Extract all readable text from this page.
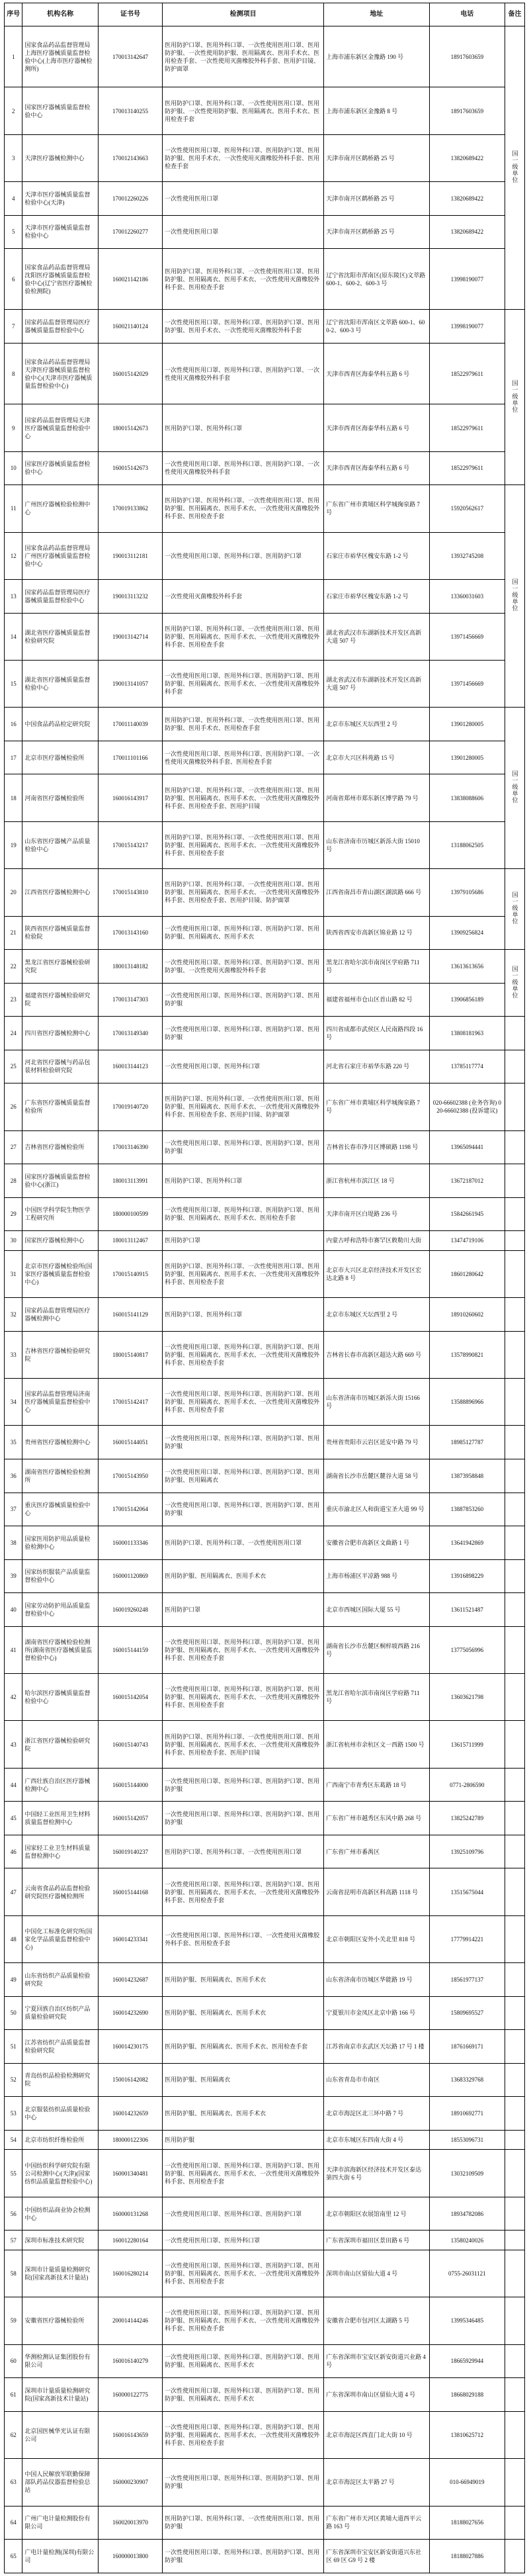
序号	机构名称	证书号	检测项目	地址	电话	备注
1	国家食品药品监督管理局上海医疗器械质量监督检验中心(上海市医疗器械检测所)	170013142647	医用防护口罩、医用外科口罩、一次性使用医用口罩、医用防护服、一次性使用防护服、医用隔离衣、医用手术衣、医用检查手套、一次性使用灭菌橡胶外科手套、医用护目镜、防护面罩	上海市浦东新区金豫路 190 号	18917603659	国一级单位
2	国家医疗器械质量监督检验中心	170013140255	医用防护口罩、医用外科口罩、一次性使用医用口罩、医用防护服、一次性使用防护服、医用隔离衣、医用手术衣、医用检查手套	上海市浦东新区金豫路 8 号	18917603659	
3	天津医疗器械检测中心	170012143663	一次性使用医用口罩、医用外科口罩、医用防护口罩、医用防护服、医用手术衣、一次性使用灭菌橡胶外科手套、医用检查手套	天津市南开区鹤桥路 25 号	13820689422	
4	天津市医疗器械质量监督检验中心(天津)	170012260226	一次性使用医用口罩	天津市南开区鹤桥路 25 号	13820689422	
5	天津市医疗器械质量监督检验中心	170012260277	一次性使用医用口罩	天津市南开区鹤桥路 25 号	13820689422	
6	国家食品药品监督管理局沈阳医疗器械质量监督检验中心(辽宁省医疗器械检验检测院)	160021142186	医用防护口罩、医用外科口罩、一次性使用医用口罩、医用防护服、医用隔离衣、医用手术衣、一次性使用灭菌橡胶外科手套、医用检查手套	辽宁省沈阳市浑南区(原东陵区)文萃路 600-1、600-2、600-3 号	13998190077	
7	国家药品监督管理局医疗器械质量监督检验中心	160021140124	一次性使用医用口罩、医用外科口罩、医用防护口罩、医用防护服、医用手术衣、一次性使用灭菌橡胶外科手套	辽宁省沈阳市浑南区文萃路 600-1、600-2、600-3 号	13998190077	国一级单位
8	国家食品药品监督管理局天津医疗器械质量监督检验中心(天津市医疗器械质量监督检验中心)	160015142029	一次性使用医用口罩、医用外科口罩、医用防护口罩、一次性使用灭菌橡胶外科手套	天津市西青区海泰华科五路 6 号	18522979611	
9	国家药品监督管理局天津医疗器械质量监督检验中心	180015142673	医用防护口罩、医用外科口罩	天津市西青区海泰华科五路 6 号	18522979611	
10	国家医疗器械质量监督检验中心	160015142673	一次性使用医用口罩、医用外科口罩、医用防护口罩、一次性使用灭菌橡胶外科手套	天津市西青区海泰华科五路 6 号	18522979611	
11	广州医疗器械检验检测中心	170019133862	医用防护口罩、医用外科口罩、一次性使用医用口罩、医用防护服、医用隔离衣、医用手术衣、一次性使用灭菌橡胶外科手套、医用检查手套	广东省广州市黄埔区科学城掬泉路 7 号	15920562617	国一级单位
12	国家食品药品监督管理局广州医疗器械质量监督检验中心	190013112181	一次性使用医用口罩、医用外科口罩、医用防护口罩	石家庄市裕华区槐安东路 1-2 号	13932745208	
13	国家药品监督管理局医疗器械质量监督检验中心	190013113232	一次性使用灭菌橡胶外科手套	石家庄市裕华区槐安东路 1-2 号	13360031603	
14	湖北省医疗器械质量监督检验研究院	190013142714	医用防护口罩、医用外科口罩、一次性使用医用口罩、医用防护服、医用隔离衣、医用手术衣、一次性使用灭菌橡胶外科手套、医用检查手套	湖北省武汉市东湖新技术开发区高新大道 507 号	13971456669	
15	湖北省医疗器械质量监督检验中心	190013141057	一次性使用医用口罩、医用外科口罩、医用防护口罩、医用防护服、医用隔离衣、医用手术衣、一次性使用灭菌橡胶外科手套	湖北省武汉市东湖新技术开发区高新大道 507 号	13971456669	
16	中国食品药品检定研究院	170011140039	医用防护口罩、医用外科口罩、一次性使用医用口罩、医用防护服、医用手术衣、医用检查手套	北京市东城区天坛西里 2 号	13901280005	国一级单位
17	北京市医疗器械检验所	170011101166	一次性使用医用口罩、医用外科口罩、医用防护口罩、一次性使用灭菌橡胶外科手套、医用检查手套	北京市大兴区科苑路 15 号	13901280005	
18	河南省医疗器械检验所	160016143917	医用防护口罩、医用外科口罩、一次性使用医用口罩、医用防护服、医用隔离衣、医用手术衣、一次性使用灭菌橡胶外科手套、医用检查手套、医用护目镜	河南省郑州市郑东新区博学路 79 号	13838088606	
19	山东省医疗器械产品质量检验中心	170015143217	医用防护口罩、医用外科口罩、一次性使用医用口罩、医用防护服、医用隔离衣、医用手术衣、一次性使用灭菌橡胶外科手套、医用检查手套	山东省济南市历城区新泺大街 15010 号	13188062505	
20	江西省医疗器械检测中心	170015143810	医用防护口罩、医用外科口罩、一次性使用医用口罩、医用防护服、医用隔离衣、医用手术衣、一次性使用灭菌橡胶外科手套、医用检查手套、医用护目镜、防护面罩	江西省南昌市青山湖区湖滨路 666 号	13979105686	国一级单位
21	陕西省医疗器械质量监督检验院	170013143160	一次性使用医用口罩、医用外科口罩、医用防护口罩、医用防护服、医用隔离衣、医用手术衣	陕西省西安市高新区锦业路 12 号	13909256824	
22	黑龙江省医疗器械检验研究院	180013148182	一次性使用医用口罩、医用外科口罩、医用防护口罩、医用防护服、一次性使用灭菌橡胶外科手套	黑龙江省哈尔滨市南岗区学府路 711 号	13613613656	国一级单位
23	福建省医疗器械检验研究院	170013147303	一次性使用医用口罩、医用外科口罩、医用防护口罩、医用防护服	福建省福州市仓山区首山路 82 号	13906856189	
24	四川省医疗器械检测中心	170013149340	一次性使用医用口罩、医用外科口罩、医用防护口罩、医用防护服	四川省成都市武侯区人民南路四段 16 号	13808181963	
25	河北省医疗器械与药品包装材料检验研究院	160013144123	一次性使用医用口罩、医用外科口罩	河北省石家庄市裕华东路 220 号	13785117774	
26	广东省医疗器械质量监督检验所	170019140720	医用防护口罩、医用外科口罩、一次性使用医用口罩、医用防护服、医用隔离衣、医用手术衣、一次性使用灭菌橡胶外科手套、医用检查手套、医用护目镜、防护面罩	广东省广州市黄埔区科学城掬泉路 7 号	020-66602388 (业务咨询) 020-66602388 (投诉建议)	
27	吉林省医疗器械检验所	170013146390	一次性使用医用口罩、医用外科口罩、医用防护口罩、医用防护服	吉林省长春市净月区博硕路 1198 号	13965094441	
28	国家医疗器械质量监督检验中心(浙江)	180013113991	医用防护口罩、医用外科口罩	浙江省杭州市滨江区 18 号	13672187012	
29	中国医学科学院生物医学工程研究所	180000100599	一次性使用医用口罩、医用外科口罩、医用防护口罩、医用防护服、医用隔离衣、医用手术衣、医用检查手套	天津市南开区白堤路 236 号	15842661945	
30	国家医疗器械检测中心	180013112467	医用防护口罩	内蒙古呼和浩特市赛罕区敕勒川大街	13474719106	
31	北京市医疗器械检验所(国家医疗器械质量监督检验中心)	170015140915	医用防护口罩、医用外科口罩、一次性使用医用口罩、医用防护服、医用隔离衣、医用手术衣、一次性使用灭菌橡胶外科手套、医用检查手套	北京市大兴区北京经济技术开发区宏达北路 8 号	18601280642	
32	国家药品监督管理局医疗器械检测中心	160015141129	医用防护口罩、医用外科口罩	北京市东城区天坛西里 2 号	18910260602	
33	吉林省医疗器械检验研究院	180015140817	一次性使用医用口罩、医用外科口罩、医用防护口罩、医用防护服、医用隔离衣、医用手术衣、一次性使用灭菌橡胶外科手套、医用检查手套	吉林省长春市高新区超达大路 669 号	13578990821	
34	国家药品监督管理局济南医疗器械质量监督检验中心	170015142417	一次性使用医用口罩、医用外科口罩、医用防护口罩、医用防护服、医用隔离衣、医用手术衣、一次性使用灭菌橡胶外科手套、医用检查手套	山东省济南市历城区新泺大街 15166 号	13588896966	
35	贵州省医疗器械检测中心	160015144051	一次性使用医用口罩、医用外科口罩、医用防护口罩、医用防护服	贵州省贵阳市云岩区延安中路 79 号	18985127787	
36	湖南省医疗器械检验检测所	170015143950	一次性使用医用口罩、医用外科口罩、医用防护口罩、医用防护服、医用隔离衣	湖南省长沙市岳麓区麓谷大道 58 号	13873958848	
37	重庆医疗器械质量检验中心	170015142064	一次性使用医用口罩、医用外科口罩、医用防护口罩、医用防护服	重庆市渝北区人和街道宝圣大道 99 号	13887853260	
38	国家医用防护用品质量检验检测中心	160001133346	医用防护口罩、医用外科口罩、一次性使用医用口罩	安徽省合肥市高新区文曲路 1 号	13641942869	
39	国家纺织服装产品质量监督检验中心	160001120869	医用防护服、医用隔离衣、医用手术衣	上海市杨浦区平凉路 988 号	13916898229	
40	国家劳动防护用品质量监督检验中心	160019260248	医用防护口罩	北京市西城区国际大厦 55 号	13611521487	
41	湖南省医疗器械检验检测所(湖南省医疗器械质量监督检验中心)	160015144159	一次性使用医用口罩、医用外科口罩、医用防护口罩、医用防护服、医用隔离衣、医用手术衣、一次性使用灭菌橡胶外科手套、医用检查手套	湖南省长沙市岳麓区桐梓坡西路 216 号	13775056996	
42	哈尔滨医疗器械质量监督检验中心	160015142054	一次性使用医用口罩、医用外科口罩、医用防护口罩、医用防护服、医用隔离衣、医用手术衣、一次性使用灭菌橡胶外科手套、医用检查手套	黑龙江省哈尔滨市南岗区学府路 711 号	13603621798	
43	浙江省医疗器械检验研究院	160015140743	医用防护口罩、医用外科口罩、一次性使用医用口罩、医用防护服、医用隔离衣、医用手术衣、一次性使用灭菌橡胶外科手套、医用检查手套、医用护目镜	浙江省杭州市余杭区文一西路 1500 号	13615711999	
44	广西壮族自治区医疗器械检测中心	160015144000	一次性使用医用口罩、医用外科口罩、医用防护口罩、医用防护服	广西南宁市青秀区东葛路 18 号	0771-2806590	
45	中国轻工业医用卫生材料质量监督检测中心	160015142057	一次性使用医用口罩、医用外科口罩、医用防护口罩、医用防护服	广东省广州市越秀区东风中路 268 号	13825242789	
46	国家轻工业卫生材料质量监督检测中心	160019140237	医用防护口罩、医用外科口罩、一次性使用医用口罩	广东省广州市番禺区	13925109796	
47	云南省食品药品监督检验研究院医疗器械检测所	160015144168	一次性使用医用口罩、医用外科口罩、医用防护口罩、医用防护服、医用隔离衣、医用手术衣、一次性使用灭菌橡胶外科手套、医用检查手套	云南省昆明市高新区科高路 1118 号	13515675044	
48	中国化工标准化研究所(国家化学品质量监督检验中心)	160014233341	一次性使用医用口罩、医用外科口罩、一次性使用灭菌橡胶外科手套、医用检查手套	北京市朝阳区安外小关北里 818 号	17779914221	
49	山东省纺织产品质量检验研究院	160014232687	医用防护服、医用隔离衣、医用手术衣	山东省济南市历城区华能路 19 号	18561977137	
50	宁夏回族自治区纺织产品质量检验研究院	160014232690	医用防护服、医用隔离衣、医用手术衣	宁夏银川市金凤区北京中路 166 号	15809695527	
51	江苏省纺织产品质量监督检验研究院	160014230175	医用防护服、医用隔离衣、医用手术衣、医用检查手套	江苏省南京市玄武区天坛路 17 号 1 楼	18761669171	
52	青岛纺织品检验检测研究院	150016142082	医用防护服、医用隔离衣	山东省青岛市市南区	13683329768	
53	北京服装纺织品质量检验中心	160014232659	医用防护服、医用隔离衣、医用手术衣	北京市海淀区北三环中路 7 号	18910692771	
54	北京市纺织纤维检验所	180000122306	医用防护服	北京市东城区东四南大街 4 号	18553096731	
55	中国纺织科学研究院有限公司检测中心(天津)(国家纺织品质量监督检验中心)	160001340481	一次性使用医用口罩、医用外科口罩、医用防护口罩、医用防护服、医用隔离衣、医用手术衣、一次性使用灭菌橡胶外科手套、医用检查手套	天津市滨海新区经济技术开发区泰达第四大街 6 号	13032109509	
56	中国纺织品商业协会检测中心	160000131268	一次性使用医用口罩、医用外科口罩、医用防护口罩	北京市朝阳区农展馆南里 12 号	18934782086	
57	深圳市标准技术研究院	160012280164	一次性使用医用口罩、医用外科口罩	广东省深圳市福田区景田路 6 号	13580240026	
58	深圳市计量质量检测研究院(国家高新技术计量站)	160016280214	一次性使用医用口罩、医用外科口罩、医用防护口罩、医用防护服、医用隔离衣、医用手术衣、一次性使用灭菌橡胶外科手套、医用检查手套	深圳市南山区留仙大道 4 号	0755-26031121	
59	安徽省医疗器械检验所	200014144246	一次性使用医用口罩、医用外科口罩、医用防护口罩、医用防护服、医用隔离衣、医用手术衣、一次性使用灭菌橡胶外科手套、医用检查手套	安徽省合肥市包河区太湖路 5 号	13995346485	
60	华测检测认证集团股份有限公司	160016140279	一次性使用医用口罩、医用外科口罩、医用防护口罩、医用防护服、医用隔离衣、医用手术衣	广东省深圳市宝安区新安街道兴业路 4 号	18665929944	
61	深圳市计量质量检测研究院(国家高新技术计量站)	160000122775	一次性使用医用口罩、医用外科口罩、医用防护口罩、医用防护服、医用隔离衣、医用手术衣	广东省深圳市南山区留仙大道 4 号	18668029188	
62	北京国医械华光认证有限公司	160016143659	一次性使用医用口罩、医用外科口罩、医用防护口罩、医用防护服、医用隔离衣、医用手术衣、一次性使用灭菌橡胶外科手套、医用检查手套	北京市海淀区西直门北大街 10 号	13810625712	
63	中国人民解放军联勤保障部队药品仪器监督检验总站	160000230907	一次性使用医用口罩、医用外科口罩、医用防护口罩、医用防护服	北京市海淀区太平路 27 号	010-66949019	
64	广州广电计量检测股份有限公司	160020013970	医用防护口罩、医用外科口罩、一次性使用医用口罩、医用防护服	广东省广州市天河区黄埔大道西平云路 163 号	18188027656	
65	广电计量检测(深圳)有限公司	160000013800	一次性使用医用口罩、医用外科口罩、医用防护口罩、医用防护服	广东省深圳市宝安区新安街道兴东社区 69 区 G9 号 2 楼	18188027886	
